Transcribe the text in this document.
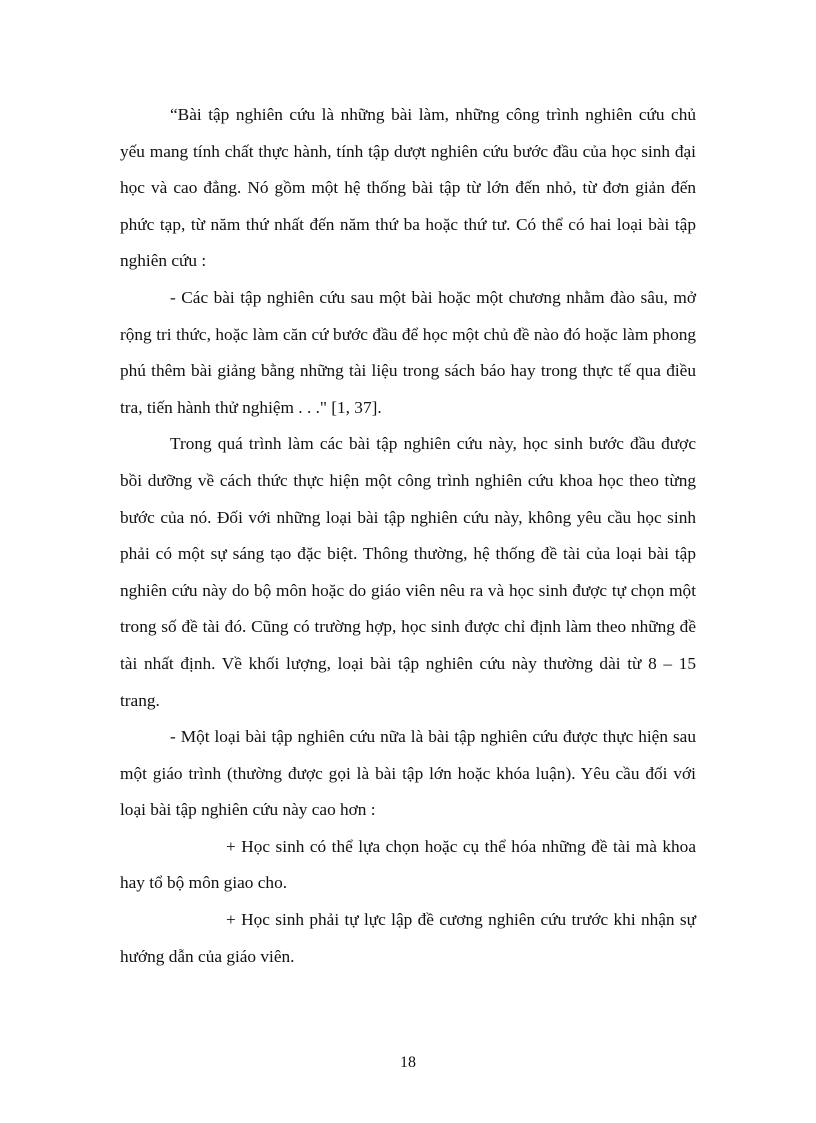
“Bài tập nghiên cứu là những bài làm, những công trình nghiên cứu chủ yếu mang tính chất thực hành, tính tập dượt nghiên cứu bước đầu của học sinh đại học và cao đẳng. Nó gồm một hệ thống bài tập từ lớn đến nhỏ, từ đơn giản đến phức tạp, từ năm thứ nhất đến năm thứ ba hoặc thứ tư. Có thể có hai loại bài tập nghiên cứu :

- Các bài tập nghiên cứu sau một bài hoặc một chương nhằm đào sâu, mở rộng tri thức, hoặc làm căn cứ bước đầu để học một chủ đề nào đó hoặc làm phong phú thêm bài giảng bằng những tài liệu trong sách báo hay trong thực tế qua điều tra, tiến hành thử nghiệm . . ." [1, 37].

Trong quá trình làm các bài tập nghiên cứu này, học sinh bước đầu được bồi dưỡng về cách thức thực hiện một công trình nghiên cứu khoa học theo từng bước của nó. Đối với những loại bài tập nghiên cứu này, không yêu cầu học sinh phải có một sự sáng tạo đặc biệt. Thông thường, hệ thống đề tài của loại bài tập nghiên cứu này do bộ môn hoặc do giáo viên nêu ra và học sinh được tự chọn một trong số đề tài đó. Cũng có trường hợp, học sinh được chỉ định làm theo những đề tài nhất định. Về khối lượng, loại bài tập nghiên cứu này thường dài từ 8 – 15 trang.

- Một loại bài tập nghiên cứu nữa là bài tập nghiên cứu được thực hiện sau một giáo trình (thường được gọi là bài tập lớn hoặc khóa luận). Yêu cầu đối với loại bài tập nghiên cứu này cao hơn :

+ Học sinh có thể lựa chọn hoặc cụ thể hóa những đề tài mà khoa hay tổ bộ môn giao cho.

+ Học sinh phải tự lực lập đề cương nghiên cứu trước khi nhận sự hướng dẫn của giáo viên.

18
